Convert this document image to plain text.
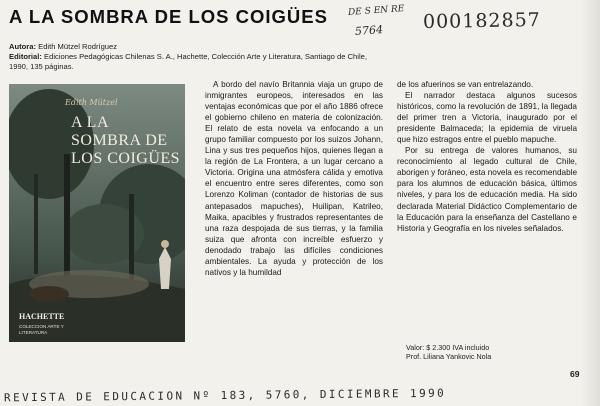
A LA SOMBRA DE LOS COIGÜES DE S EN RE
5764 000182857
Autora: Edith Mützel Rodríguez
Editorial: Ediciones Pedagógicas Chilenas S. A., Hachette, Colección Arte y Literatura, Santiago de Chile, 1990, 135 páginas.
Edith Mützel
A LA SOMBRA DE LOS COIGÜES
HACHETTE
COLECCION ARTE Y LITERATURA

A bordo del navío Britannia viaja un grupo de inmigrantes europeos, interesados en las ventajas económicas que por el año 1886 ofrece el gobierno chileno en materia de colonización. El relato de esta novela va enfocando a un grupo familiar compuesto por los suizos Johann, Lina y sus tres pequeños hijos, quienes llegan a la región de La Frontera, a un lugar cercano a Victoria. Origina una atmósfera cálida y emotiva el encuentro entre seres diferentes, como son Lorenzo Koliman (contador de historias de sus antepasados mapuches), Huilipan, Katrileo, Maika, apacibles y frustrados representantes de una raza despojada de sus tierras, y la familia suiza que afronta con increíble esfuerzo y denodado trabajo las difíciles condiciones ambientales. La ayuda y protección de los nativos y la humildad

de los afuerinos se van entrelazando.

El narrador destaca algunos sucesos históricos, como la revolución de 1891, la llegada del primer tren a Victoria, inaugurado por el presidente Balmaceda; la epidemia de viruela que hizo estragos entre el pueblo mapuche.

Por su entrega de valores humanos, su reconocimiento al legado cultural de Chile, aborigen y foráneo, esta novela es recomendable para los alumnos de educación básica, últimos niveles, y para los de educación media. Ha sido declarada Material Didáctico Complementario de la Educación para la enseñanza del Castellano e Historia y Geografía en los niveles señalados.

Valor: $ 2.300 IVA incluido
Prof. Liliana Yankovic Nola
69
REVISTA DE EDUCACION Nº 183, 5760, DICIEMBRE 1990
